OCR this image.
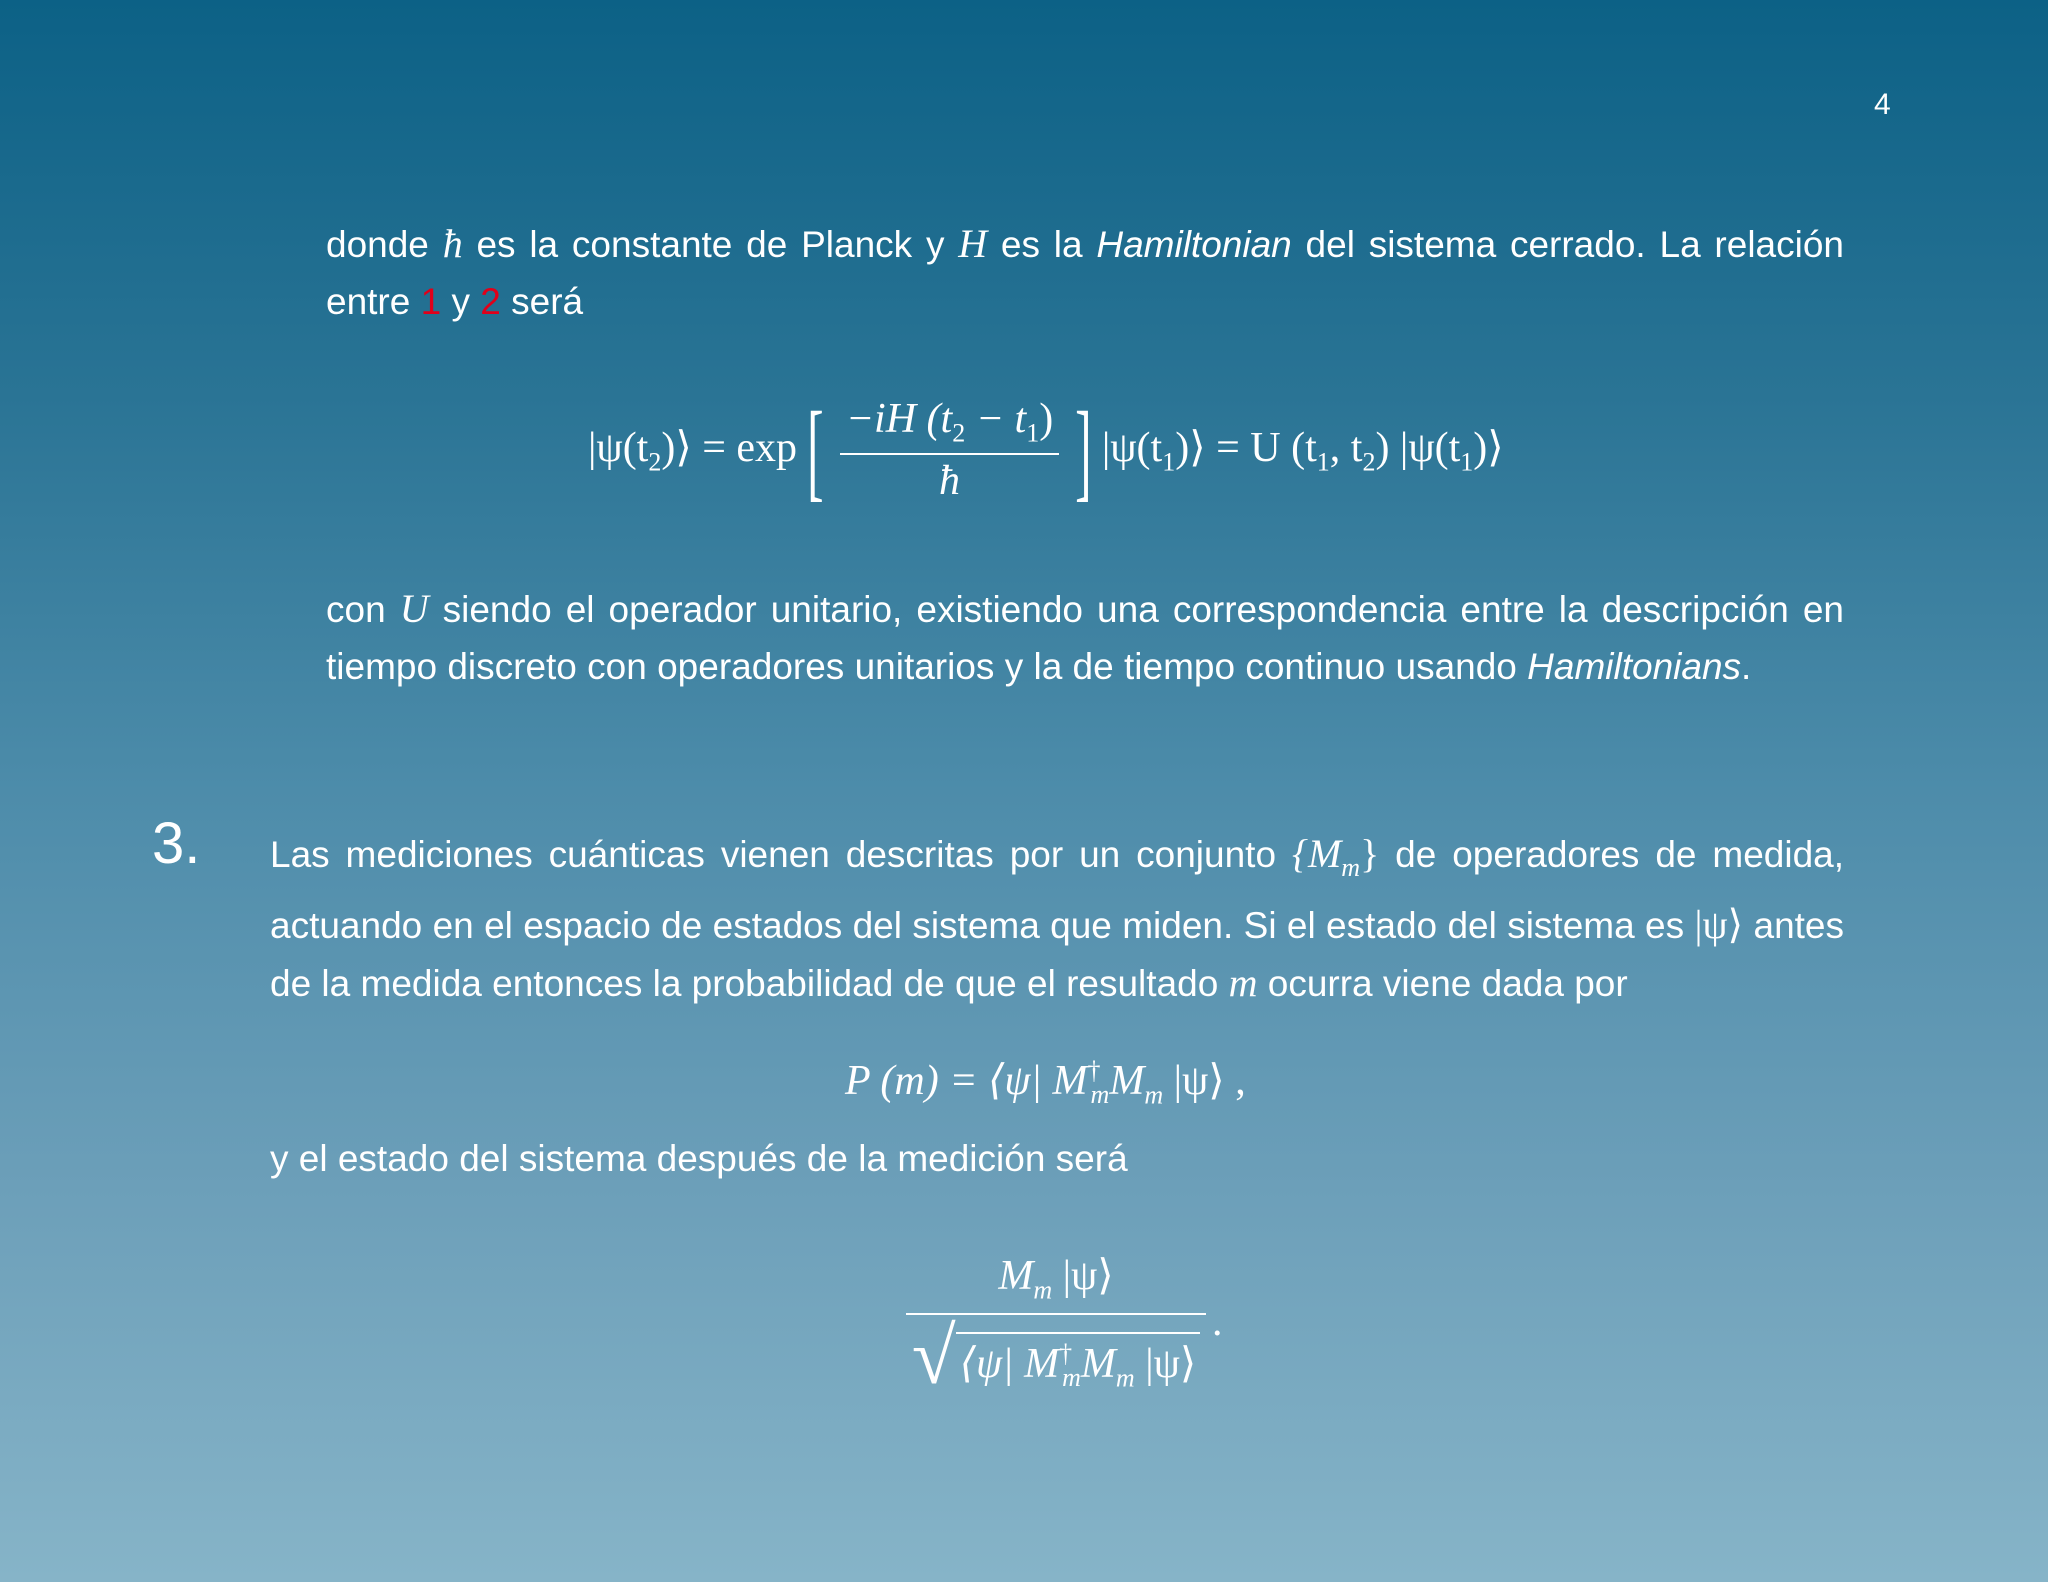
4
donde ħ es la constante de Planck y H es la Hamiltonian del sistema cerrado. La relación entre 1 y 2 será
$|\psi(t_2)⟩ = \exp$ [ $\frac{-iH (t_2 - t_1)}{ħ}$ ] $|\psi(t_1)⟩ = U$ ($t_1$, $t_2$) $|\psi(t_1)⟩$
con U siendo el operador unitario, existiendo una correspondencia entre la descripción en tiempo discreto con operadores unitarios y la de tiempo continuo usando Hamiltonians.
3. Las mediciones cuánticas vienen descritas por un conjunto $\{M_m\}$ de operadores de medida, actuando en el espacio de estados del sistema que miden. Si el estado del sistema es |ψ⟩ antes de la medida entonces la probabilidad de que el resultado m ocurra viene dada por
P (m) = ⟨ψ| $M^\dagger_mM_m$ |ψ⟩ ,
y el estado del sistema después de la medición será
$\frac{M_m |\psi⟩}{√ ⟨\psi| M^\dagger_mM_m |\psi⟩}$ .
